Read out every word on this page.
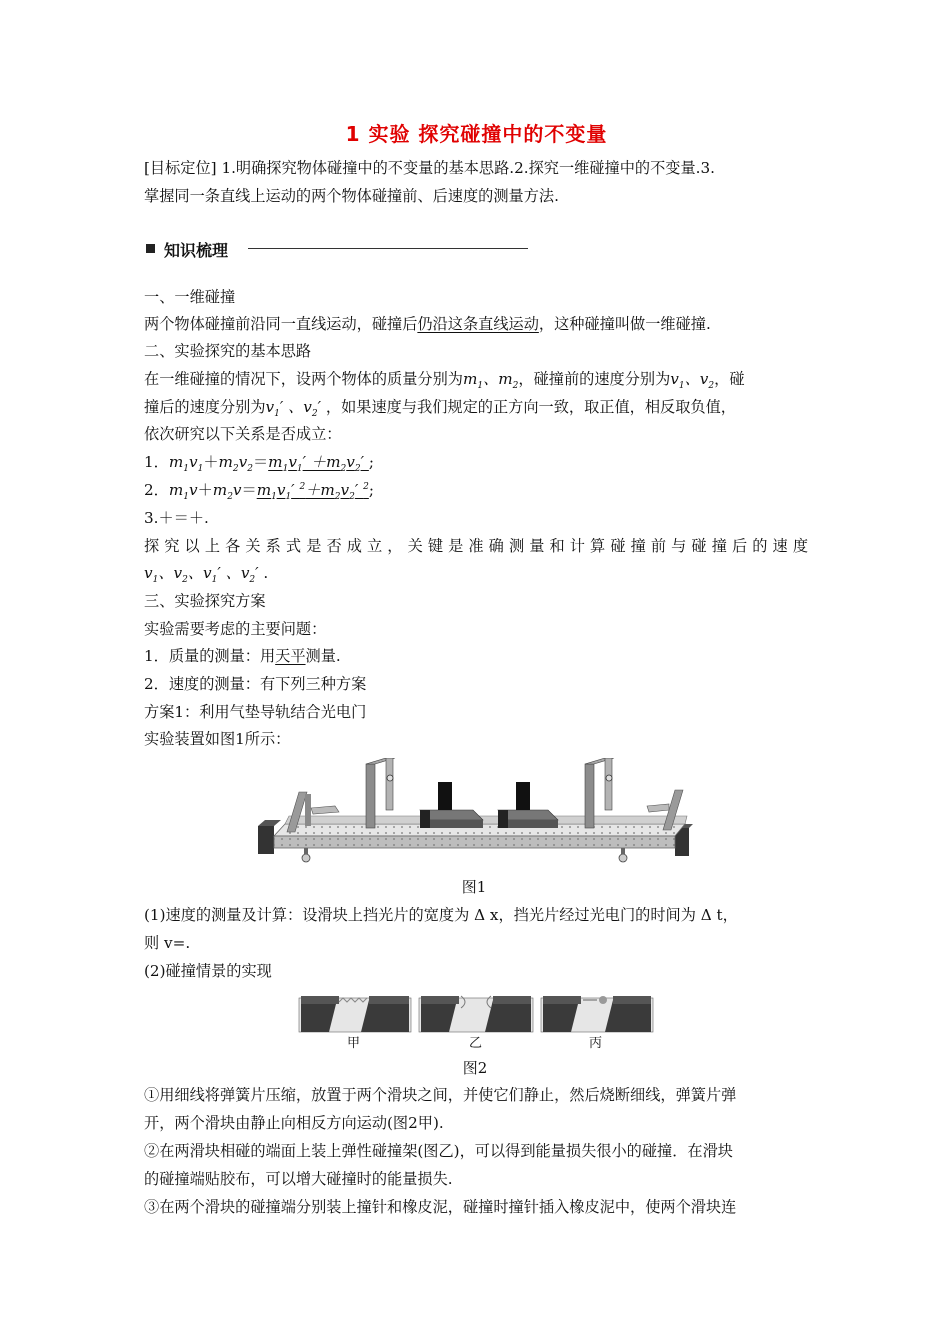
1 实验 探究碰撞中的不变量
[目标定位] 1.明确探究物体碰撞中的不变量的基本思路.2.探究一维碰撞中的不变量.3.
掌握同一条直线上运动的两个物体碰撞前、后速度的测量方法.
知识梳理
一、一维碰撞
两个物体碰撞前沿同一直线运动，碰撞后仍沿这条直线运动，这种碰撞叫做一维碰撞.
二、实验探究的基本思路
在一维碰撞的情况下，设两个物体的质量分别为$m_1$、$m_2$，碰撞前的速度分别为$v_1$、$v_2$，碰
撞后的速度分别为$v_1'$ 、$v_2'$ ，如果速度与我们规定的正方向一致，取正值，相反取负值，
依次研究以下关系是否成立：
1．$m_1v_1+m_2v_2=m_1v_1' +m_2v_2'$ ;
2．$m_1v+m_2v=m_1v_1'$ $^2+m_2v_2'$ $^2$;
3.＋＝＋.
探究以上各关系式是否成立，关键是准确测量和计算碰撞前与碰撞后的速度
$v_1$、$v_2$、$v_1'$ 、$v_2'$ .
三、实验探究方案
实验需要考虑的主要问题：
1．质量的测量：用天平测量.
2．速度的测量：有下列三种方案
方案1：利用气垫导轨结合光电门
实验装置如图1所示：
图1
(1)速度的测量及计算：设滑块上挡光片的宽度为 Δ x，挡光片经过光电门的时间为 Δ t，
则 v=.
(2)碰撞情景的实现
甲	乙	丙
图2
①用细线将弹簧片压缩，放置于两个滑块之间，并使它们静止，然后烧断细线，弹簧片弹
开，两个滑块由静止向相反方向运动(图2甲).
②在两滑块相碰的端面上装上弹性碰撞架(图乙)，可以得到能量损失很小的碰撞．在滑块
的碰撞端贴胶布，可以增大碰撞时的能量损失.
③在两个滑块的碰撞端分别装上撞针和橡皮泥，碰撞时撞针插入橡皮泥中，使两个滑块连
